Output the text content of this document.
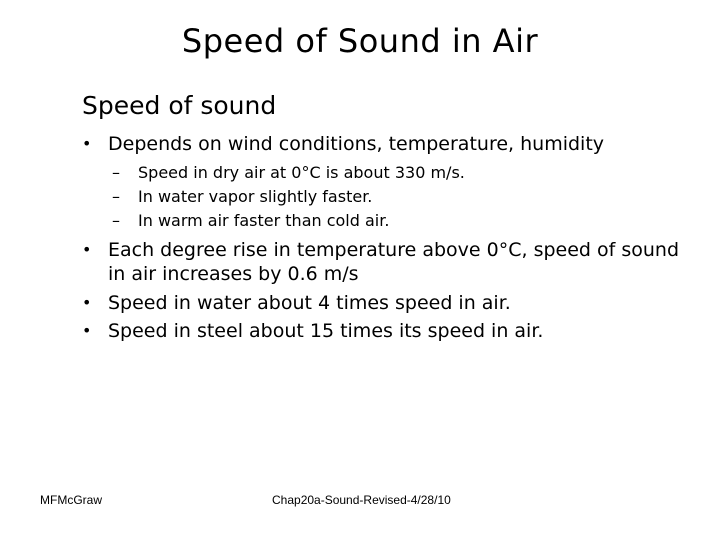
Speed of Sound in Air
Speed of sound
• Depends on wind conditions, temperature, humidity
– Speed in dry air at 0°C is about 330 m/s.
– In water vapor slightly faster.
– In warm air faster than cold air.
• Each degree rise in temperature above 0°C, speed of sound
in air increases by 0.6 m/s
• Speed in water about 4 times speed in air.
• Speed in steel about 15 times its speed in air.
MFMcGraw	Chap20a-Sound-Revised-4/28/10
